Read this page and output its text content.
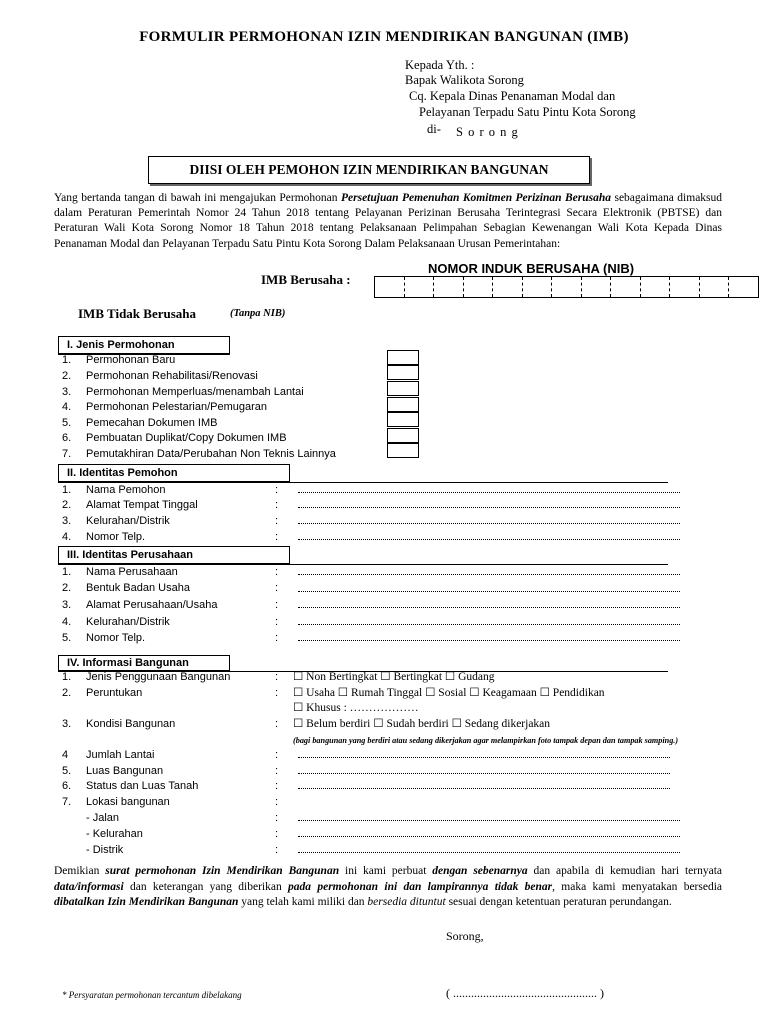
FORMULIR PERMOHONAN IZIN MENDIRIKAN BANGUNAN (IMB)
Kepada Yth. :
Bapak Walikota Sorong
Cq. Kepala Dinas Penanaman Modal dan
Pelayanan Terpadu Satu Pintu Kota Sorong
di- S o r o n g
DIISI OLEH PEMOHON IZIN MENDIRIKAN BANGUNAN
Yang bertanda tangan di bawah ini mengajukan Permohonan Persetujuan Pemenuhan Komitmen Perizinan Berusaha sebagaimana dimaksud dalam Peraturan Pemerintah Nomor 24 Tahun 2018 tentang Pelayanan Perizinan Berusaha Terintegrasi Secara Elektronik (PBTSE) dan Peraturan Wali Kota Sorong Nomor 18 Tahun 2018 tentang Pelaksanaan Pelimpahan Sebagian Kewenangan Wali Kota Kepada Dinas Penanaman Modal dan Pelayanan Terpadu Satu Pintu Kota Sorong Dalam Pelaksanaan Urusan Pemerintahan:
NOMOR INDUK BERUSAHA (NIB)
IMB Berusaha :
IMB Tidak Berusaha	(Tanpa NIB)
I. Jenis Permohonan
1. Permohonan Baru
2. Permohonan Rehabilitasi/Renovasi
3. Permohonan Memperluas/menambah Lantai
4. Permohonan Pelestarian/Pemugaran
5. Pemecahan Dokumen IMB
6. Pembuatan Duplikat/Copy Dokumen IMB
7. Pemutakhiran Data/Perubahan Non Teknis Lainnya
II. Identitas Pemohon
1. Nama Pemohon	:
2. Alamat Tempat Tinggal	:
3. Kelurahan/Distrik	:
4. Nomor Telp.	:
III. Identitas Perusahaan
1. Nama Perusahaan	:
2. Bentuk Badan Usaha	:
3. Alamat Perusahaan/Usaha	:
4. Kelurahan/Distrik	:
5. Nomor Telp.	:
IV. Informasi Bangunan
1. Jenis Penggunaan Bangunan	: ☐ Non Bertingkat ☐ Bertingkat ☐ Gudang
2. Peruntukan	: ☐ Usaha ☐ Rumah Tinggal ☐ Sosial ☐ Keagamaan ☐ Pendidikan
☐ Khusus : ………………
3. Kondisi Bangunan	: ☐ Belum berdiri ☐ Sudah berdiri ☐ Sedang dikerjakan
(bagi bangunan yang berdiri atau sedang dikerjakan agar melampirkan foto tampak depan dan tampak samping.)
4 Jumlah Lantai	:
5. Luas Bangunan	:
6. Status dan Luas Tanah	:
7. Lokasi bangunan	:
- Jalan	:
- Kelurahan	:
- Distrik	:
Demikian surat permohonan Izin Mendirikan Bangunan ini kami perbuat dengan sebenarnya dan apabila di kemudian hari ternyata data/informasi dan keterangan yang diberikan pada permohonan ini dan lampirannya tidak benar, maka kami menyatakan bersedia dibatalkan Izin Mendirikan Bangunan yang telah kami miliki dan bersedia dituntut sesuai dengan ketentuan peraturan perundangan.
Sorong,
* Persyaratan permohonan tercantum dibelakang	( ................................................ )
